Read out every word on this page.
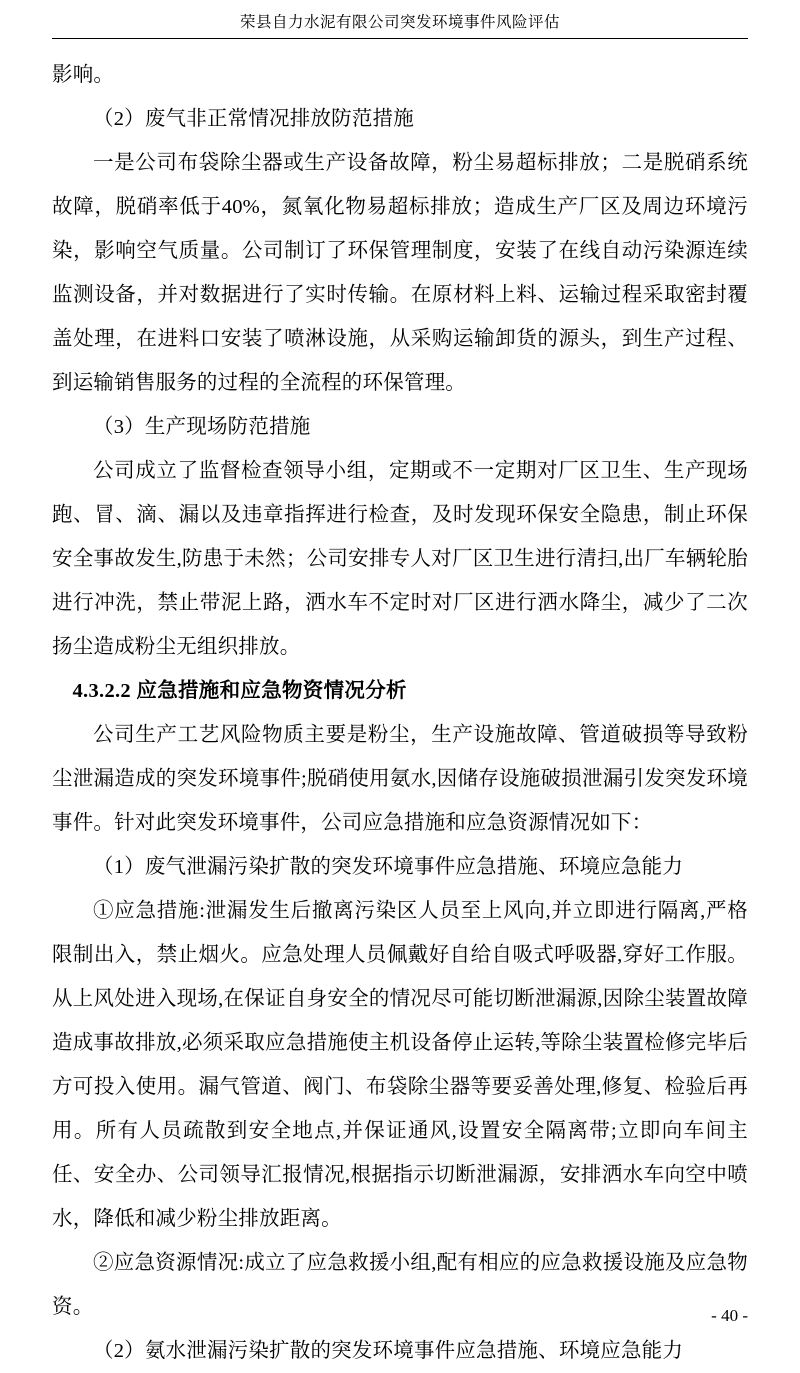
荣县自力水泥有限公司突发环境事件风险评估

影响。

（2）废气非正常情况排放防范措施

一是公司布袋除尘器或生产设备故障，粉尘易超标排放；二是脱硝系统故障，脱硝率低于40%，氮氧化物易超标排放；造成生产厂区及周边环境污染，影响空气质量。公司制订了环保管理制度，安装了在线自动污染源连续监测设备，并对数据进行了实时传输。在原材料上料、运输过程采取密封覆盖处理，在进料口安装了喷淋设施，从采购运输卸货的源头，到生产过程、到运输销售服务的过程的全流程的环保管理。

（3）生产现场防范措施

公司成立了监督检查领导小组，定期或不一定期对厂区卫生、生产现场跑、冒、滴、漏以及违章指挥进行检查，及时发现环保安全隐患，制止环保安全事故发生,防患于未然；公司安排专人对厂区卫生进行清扫,出厂车辆轮胎进行冲洗，禁止带泥上路，洒水车不定时对厂区进行洒水降尘，减少了二次扬尘造成粉尘无组织排放。

4.3.2.2 应急措施和应急物资情况分析

公司生产工艺风险物质主要是粉尘，生产设施故障、管道破损等导致粉尘泄漏造成的突发环境事件;脱硝使用氨水,因储存设施破损泄漏引发突发环境事件。针对此突发环境事件，公司应急措施和应急资源情况如下：

（1）废气泄漏污染扩散的突发环境事件应急措施、环境应急能力

①应急措施:泄漏发生后撤离污染区人员至上风向,并立即进行隔离,严格限制出入，禁止烟火。应急处理人员佩戴好自给自吸式呼吸器,穿好工作服。从上风处进入现场,在保证自身安全的情况尽可能切断泄漏源,因除尘装置故障造成事故排放,必须采取应急措施使主机设备停止运转,等除尘装置检修完毕后方可投入使用。漏气管道、阀门、布袋除尘器等要妥善处理,修复、检验后再用。所有人员疏散到安全地点,并保证通风,设置安全隔离带;立即向车间主任、安全办、公司领导汇报情况,根据指示切断泄漏源，安排洒水车向空中喷水，降低和减少粉尘排放距离。

②应急资源情况:成立了应急救援小组,配有相应的应急救援设施及应急物资。

（2）氨水泄漏污染扩散的突发环境事件应急措施、环境应急能力

- 40 -
